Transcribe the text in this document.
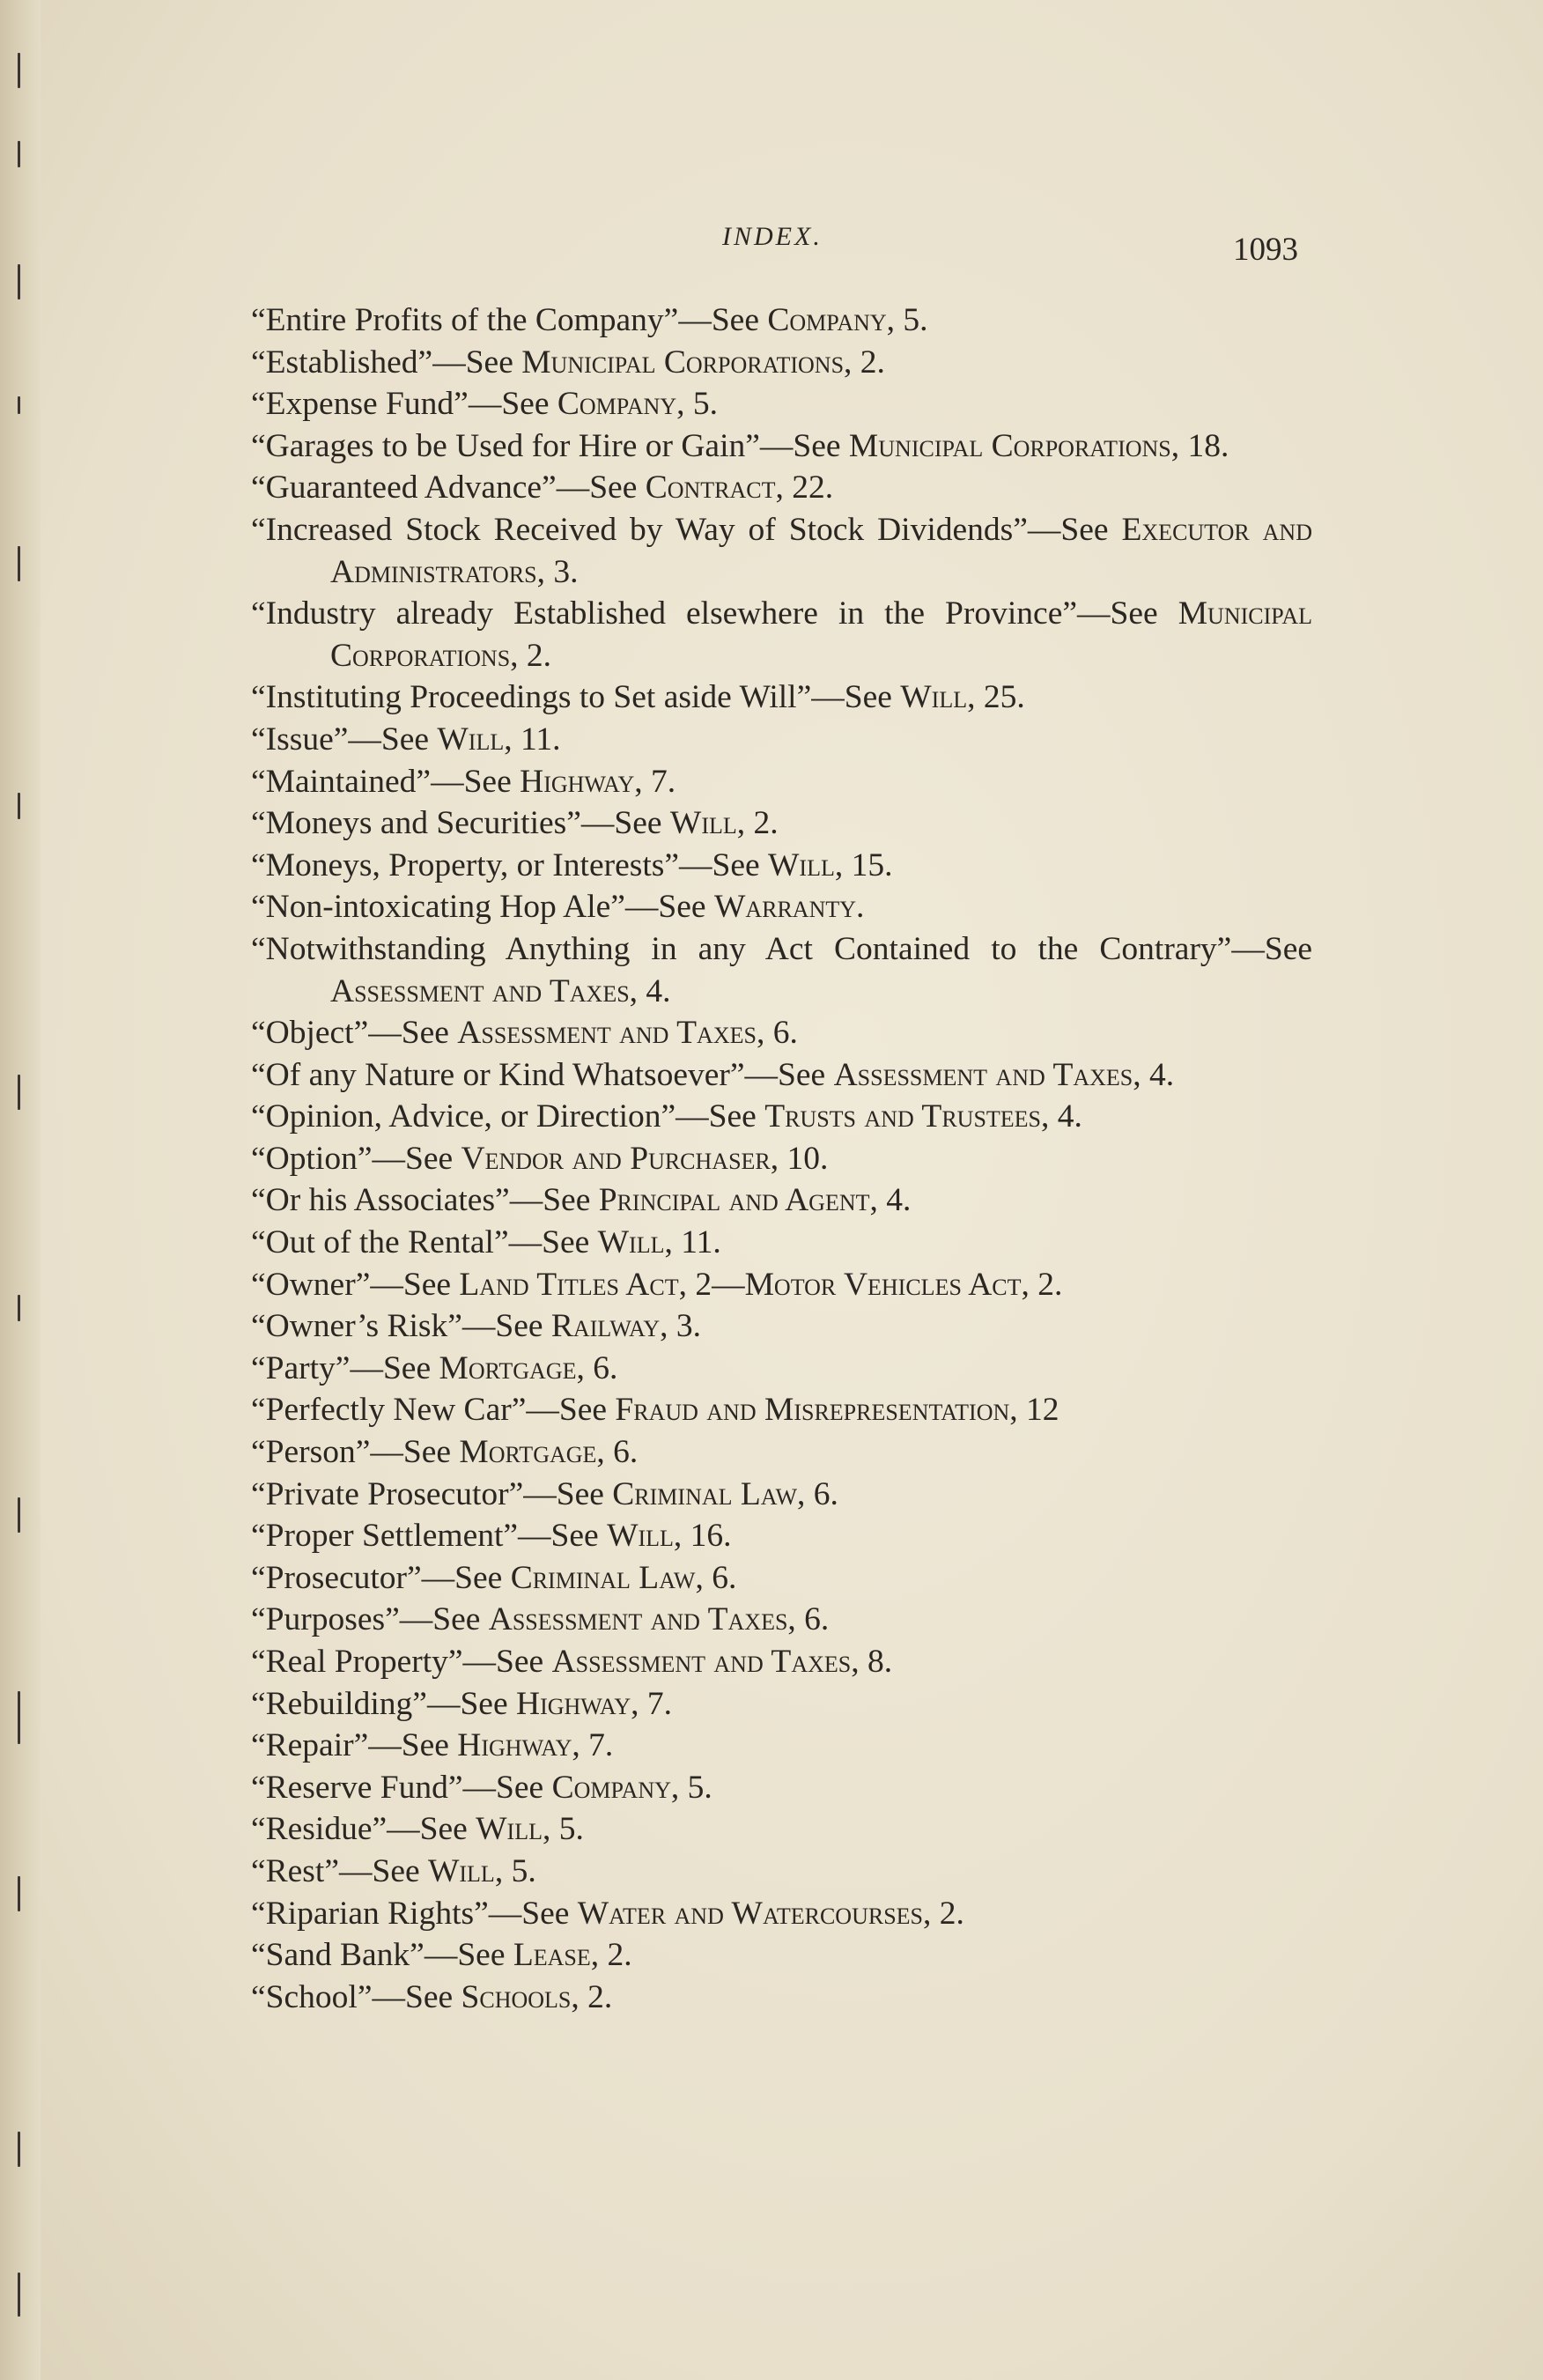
INDEX.	1093
“Entire Profits of the Company”—See Company, 5.
“Established”—See Municipal Corporations, 2.
“Expense Fund”—See Company, 5.
“Garages to be Used for Hire or Gain”—See Municipal Corporations, 18.
“Guaranteed Advance”—See Contract, 22.
“Increased Stock Received by Way of Stock Dividends”—See Executor and Administrators, 3.
“Industry already Established elsewhere in the Province”—See Municipal Corporations, 2.
“Instituting Proceedings to Set aside Will”—See Will, 25.
“Issue”—See Will, 11.
“Maintained”—See Highway, 7.
“Moneys and Securities”—See Will, 2.
“Moneys, Property, or Interests”—See Will, 15.
“Non-intoxicating Hop Ale”—See Warranty.
“Notwithstanding Anything in any Act Contained to the Contrary”—See Assessment and Taxes, 4.
“Object”—See Assessment and Taxes, 6.
“Of any Nature or Kind Whatsoever”—See Assessment and Taxes, 4.
“Opinion, Advice, or Direction”—See Trusts and Trustees, 4.
“Option”—See Vendor and Purchaser, 10.
“Or his Associates”—See Principal and Agent, 4.
“Out of the Rental”—See Will, 11.
“Owner”—See Land Titles Act, 2—Motor Vehicles Act, 2.
“Owner’s Risk”—See Railway, 3.
“Party”—See Mortgage, 6.
“Perfectly New Car”—See Fraud and Misrepresentation, 12
“Person”—See Mortgage, 6.
“Private Prosecutor”—See Criminal Law, 6.
“Proper Settlement”—See Will, 16.
“Prosecutor”—See Criminal Law, 6.
“Purposes”—See Assessment and Taxes, 6.
“Real Property”—See Assessment and Taxes, 8.
“Rebuilding”—See Highway, 7.
“Repair”—See Highway, 7.
“Reserve Fund”—See Company, 5.
“Residue”—See Will, 5.
“Rest”—See Will, 5.
“Riparian Rights”—See Water and Watercourses, 2.
“Sand Bank”—See Lease, 2.
“School”—See Schools, 2.
